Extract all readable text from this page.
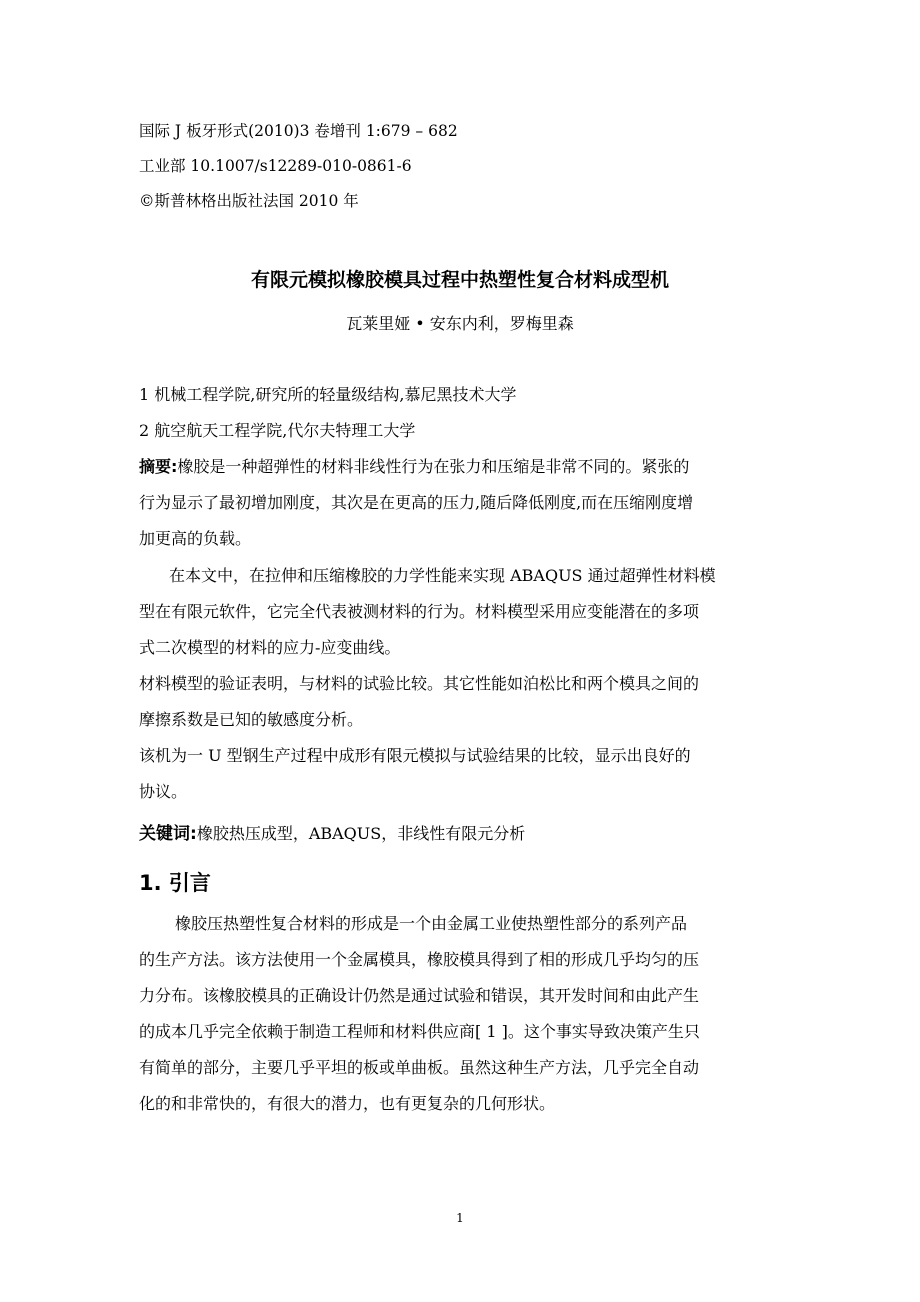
国际 J 板牙形式(2010)3 卷增刊 1:679 – 682
工业部 10.1007/s12289-010-0861-6
©斯普林格出版社法国 2010 年
有限元模拟橡胶模具过程中热塑性复合材料成型机
瓦莱里娅 • 安东内利，罗梅里森
1 机械工程学院,研究所的轻量级结构,慕尼黑技术大学
2 航空航天工程学院,代尔夫特理工大学
摘要:橡胶是一种超弹性的材料非线性行为在张力和压缩是非常不同的。紧张的
行为显示了最初增加刚度，其次是在更高的压力,随后降低刚度,而在压缩刚度增
加更高的负载。
在本文中，在拉伸和压缩橡胶的力学性能来实现 ABAQUS 通过超弹性材料模
型在有限元软件，它完全代表被测材料的行为。材料模型采用应变能潜在的多项
式二次模型的材料的应力-应变曲线。
材料模型的验证表明，与材料的试验比较。其它性能如泊松比和两个模具之间的
摩擦系数是已知的敏感度分析。
该机为一 U 型钢生产过程中成形有限元模拟与试验结果的比较，显示出良好的
协议。
关键词:橡胶热压成型，ABAQUS，非线性有限元分析
1. 引言
橡胶压热塑性复合材料的形成是一个由金属工业使热塑性部分的系列产品
的生产方法。该方法使用一个金属模具，橡胶模具得到了相的形成几乎均匀的压
力分布。该橡胶模具的正确设计仍然是通过试验和错误，其开发时间和由此产生
的成本几乎完全依赖于制造工程师和材料供应商[ 1 ]。这个事实导致决策产生只
有简单的部分，主要几乎平坦的板或单曲板。虽然这种生产方法，几乎完全自动
化的和非常快的，有很大的潜力，也有更复杂的几何形状。
1
